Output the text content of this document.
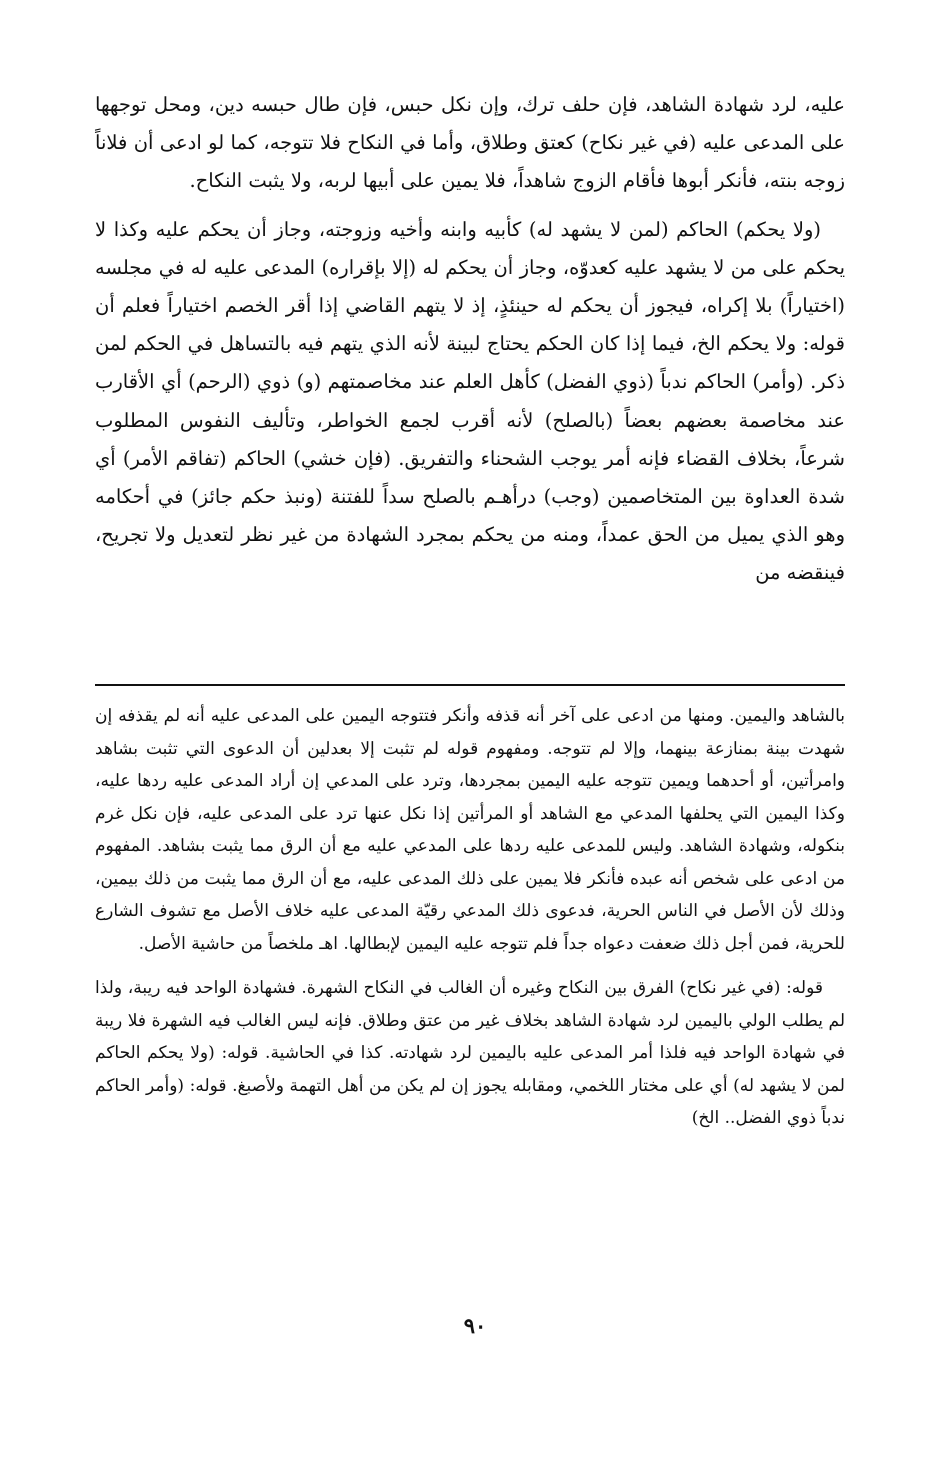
عليه، لرد شهادة الشاهد، فإن حلف ترك، وإن نكل حبس، فإن طال حبسه دين، ومحل توجهها على المدعى عليه (في غير نكاح) كعتق وطلاق، وأما في النكاح فلا تتوجه، كما لو ادعى أن فلاناً زوجه بنته، فأنكر أبوها فأقام الزوج شاهداً، فلا يمين على أبيها لربه، ولا يثبت النكاح.

(ولا يحكم) الحاكم (لمن لا يشهد له) كأبيه وابنه وأخيه وزوجته، وجاز أن يحكم عليه وكذا لا يحكم على من لا يشهد عليه كعدوّه، وجاز أن يحكم له (إلا بإقراره) المدعى عليه له في مجلسه (اختياراً) بلا إكراه، فيجوز أن يحكم له حينئذٍ، إذ لا يتهم القاضي إذا أقر الخصم اختياراً فعلم أن قوله: ولا يحكم الخ، فيما إذا كان الحكم يحتاج لبينة لأنه الذي يتهم فيه بالتساهل في الحكم لمن ذكر. (وأمر) الحاكم ندباً (ذوي الفضل) كأهل العلم عند مخاصمتهم (و) ذوي (الرحم) أي الأقارب عند مخاصمة بعضهم بعضاً (بالصلح) لأنه أقرب لجمع الخواطر، وتأليف النفوس المطلوب شرعاً، بخلاف القضاء فإنه أمر يوجب الشحناء والتفريق. (فإن خشي) الحاكم (تفاقم الأمر) أي شدة العداوة بين المتخاصمين (وجب) درأهـم بالصلح سداً للفتنة (ونبذ حكم جائز) في أحكامه وهو الذي يميل من الحق عمداً، ومنه من يحكم بمجرد الشهادة من غير نظر لتعديل ولا تجريح، فينقضه من

بالشاهد واليمين. ومنها من ادعى على آخر أنه قذفه وأنكر فتتوجه اليمين على المدعى عليه أنه لم يقذفه إن شهدت بينة بمنازعة بينهما، وإلا لم تتوجه. ومفهوم قوله لم تثبت إلا بعدلين أن الدعوى التي تثبت بشاهد وامرأتين، أو أحدهما ويمين تتوجه عليه اليمين بمجردها، وترد على المدعي إن أراد المدعى عليه ردها عليه، وكذا اليمين التي يحلفها المدعي مع الشاهد أو المرأتين إذا نكل عنها ترد على المدعى عليه، فإن نكل غرم بنكوله، وشهادة الشاهد. وليس للمدعى عليه ردها على المدعي عليه مع أن الرق مما يثبت بشاهد. المفهوم من ادعى على شخص أنه عبده فأنكر فلا يمين على ذلك المدعى عليه، مع أن الرق مما يثبت من ذلك بيمين، وذلك لأن الأصل في الناس الحرية، فدعوى ذلك المدعي رقيّة المدعى عليه خلاف الأصل مع تشوف الشارع للحرية، فمن أجل ذلك ضعفت دعواه جداً فلم تتوجه عليه اليمين لإبطالها. اهـ ملخصاً من حاشية الأصل.

قوله: (في غير نكاح) الفرق بين النكاح وغيره أن الغالب في النكاح الشهرة. فشهادة الواحد فيه ريبة، ولذا لم يطلب الولي باليمين لرد شهادة الشاهد بخلاف غير من عتق وطلاق. فإنه ليس الغالب فيه الشهرة فلا ريبة في شهادة الواحد فيه فلذا أمر المدعى عليه باليمين لرد شهادته. كذا في الحاشية. قوله: (ولا يحكم الحاكم لمن لا يشهد له) أي على مختار اللخمي، ومقابله يجوز إن لم يكن من أهل التهمة ولأصبغ. قوله: (وأمر الحاكم ندباً ذوي الفضل.. الخ)

٩٠
